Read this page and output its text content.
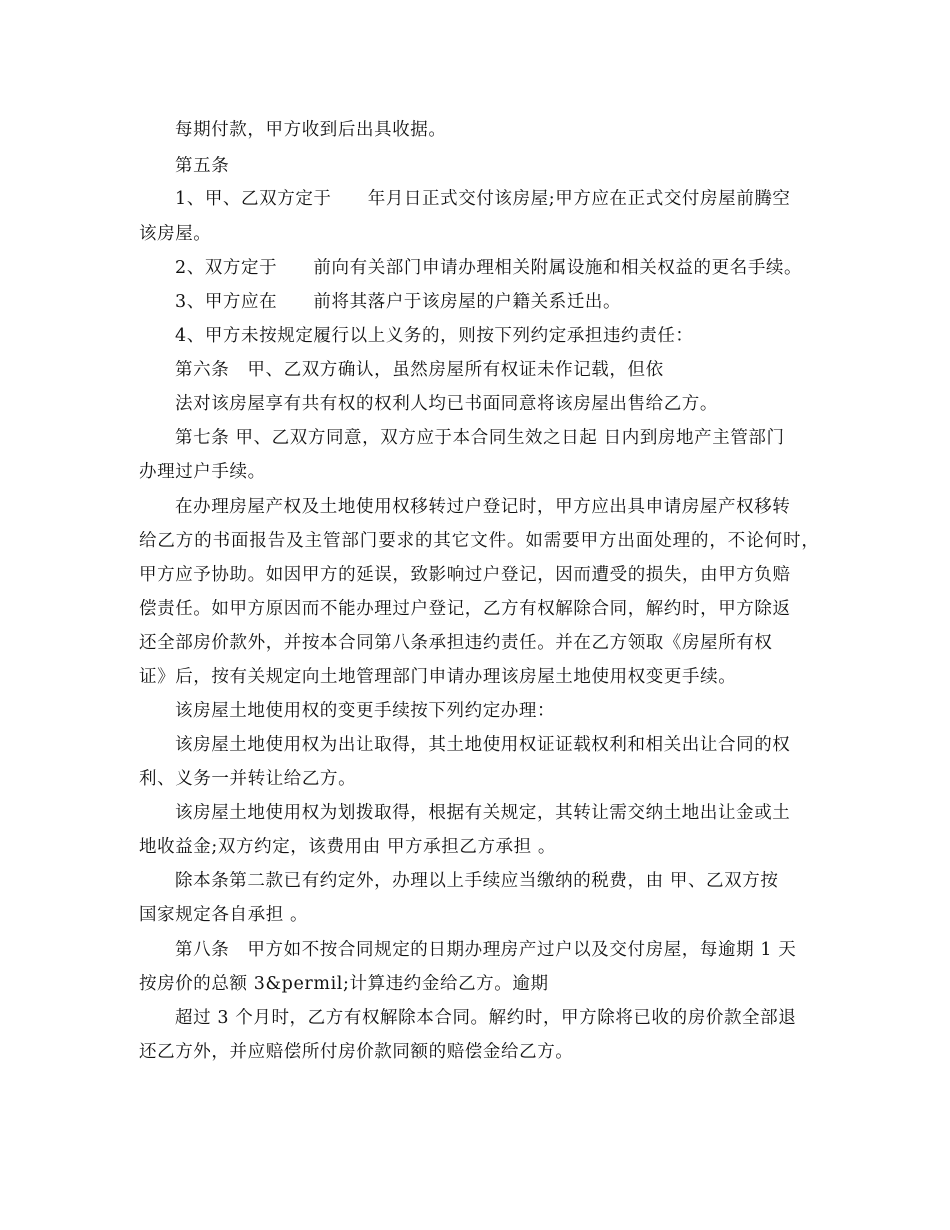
每期付款，甲方收到后出具收据。

第五条

1、甲、乙双方定于　　年月日正式交付该房屋;甲方应在正式交付房屋前腾空

该房屋。

2、双方定于　　前向有关部门申请办理相关附属设施和相关权益的更名手续。

3、甲方应在　　前将其落户于该房屋的户籍关系迁出。

4、甲方未按规定履行以上义务的，则按下列约定承担违约责任：

第六条　甲、乙双方确认，虽然房屋所有权证未作记载，但依

法对该房屋享有共有权的权利人均已书面同意将该房屋出售给乙方。

第七条 甲、乙双方同意，双方应于本合同生效之日起 日内到房地产主管部门

办理过户手续。

在办理房屋产权及土地使用权移转过户登记时，甲方应出具申请房屋产权移转

给乙方的书面报告及主管部门要求的其它文件。如需要甲方出面处理的，不论何时，

甲方应予协助。如因甲方的延误，致影响过户登记，因而遭受的损失，由甲方负赔

偿责任。如甲方原因而不能办理过户登记，乙方有权解除合同，解约时，甲方除返

还全部房价款外，并按本合同第八条承担违约责任。并在乙方领取《房屋所有权

证》后，按有关规定向土地管理部门申请办理该房屋土地使用权变更手续。

该房屋土地使用权的变更手续按下列约定办理：

该房屋土地使用权为出让取得，其土地使用权证证载权利和相关出让合同的权

利、义务一并转让给乙方。

该房屋土地使用权为划拨取得，根据有关规定，其转让需交纳土地出让金或土

地收益金;双方约定，该费用由 甲方承担乙方承担 。

除本条第二款已有约定外，办理以上手续应当缴纳的税费，由 甲、乙双方按

国家规定各自承担 。

第八条　甲方如不按合同规定的日期办理房产过户以及交付房屋，每逾期 1 天

按房价的总额 3&permil;计算违约金给乙方。逾期

超过 3 个月时，乙方有权解除本合同。解约时，甲方除将已收的房价款全部退

还乙方外，并应赔偿所付房价款同额的赔偿金给乙方。
